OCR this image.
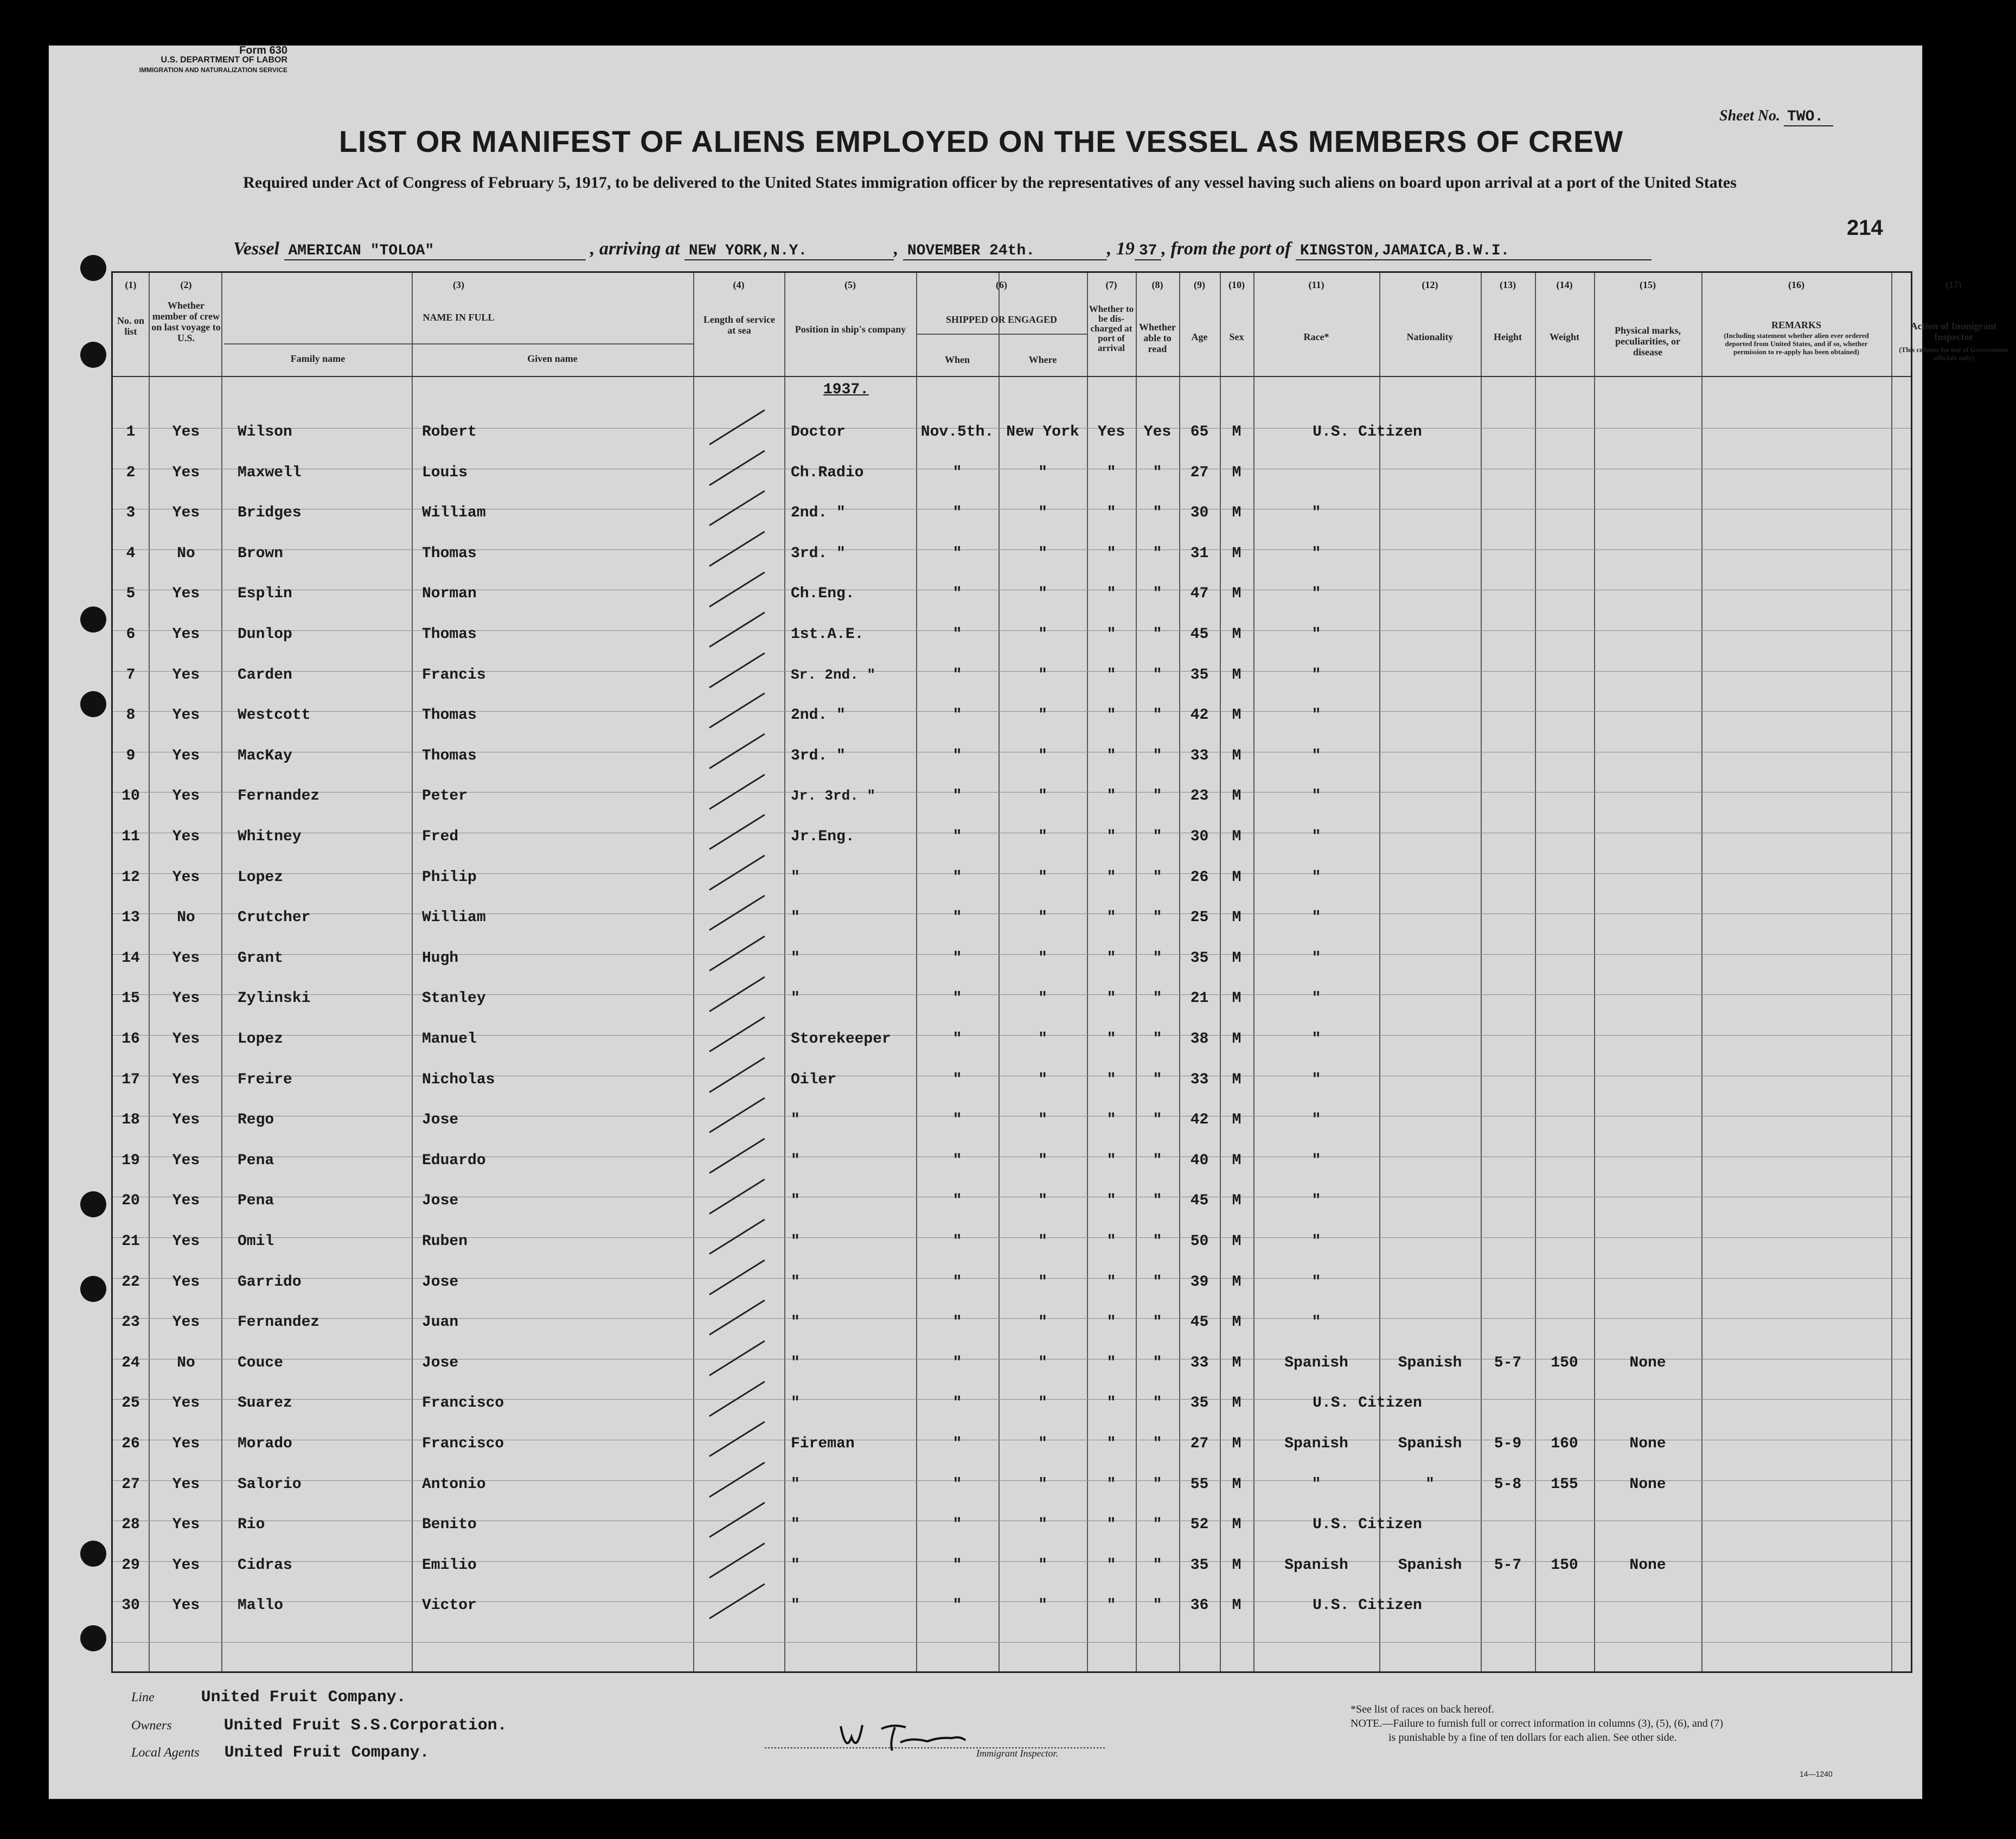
Form 630
U.S. DEPARTMENT OF LABOR
IMMIGRATION AND NATURALIZATION SERVICE
Sheet No. TWO.
LIST OR MANIFEST OF ALIENS EMPLOYED ON THE VESSEL AS MEMBERS OF CREW
Required under Act of Congress of February 5, 1917, to be delivered to the United States immigration officer by the representatives of any vessel having such aliens on board upon arrival at a port of the United States
214
Vessel AMERICAN "TOLOA"	, arriving at NEW YORK,N.Y.	, NOVEMBER 24th.	, 19 37 , from the port of KINGSTON,JAMAICA,B.W.I.
(1)
No. on list
(2)
Whether member of crew on last voyage to U.S.
(3)
NAME IN FULL
Family name	Given name
(4)
Length of service at sea
(5)
Position in ship's company
(6)
SHIPPED OR ENGAGED
When	Where
(7)
Whether to be dis-charged at port of arrival
(8)
Whether able to read
(9)
Age
(10)
Sex
(11)
Race*
(12)
Nationality
(13)
Height
(14)
Weight
(15)
Physical marks, peculiarities, or disease
(16)
REMARKS
(Including statement whether alien ever ordered deported from United States, and if so, whether permission to re-apply has been obtained)
(17)
Action of Immigrant Inspector
(This column for use of Government officials only)
1937.
1	Yes	Wilson	Robert	Doctor	Nov.5th. New York	Yes	Yes	65	M	U.S. Citizen
2	Yes	Maxwell	Louis	Ch.Radio	"	"	"	"	27	M
3	Yes	Bridges	William	2nd. "	"	"	"	"	30	M	"
4	No	Brown	Thomas	3rd. "	"	"	"	"	31	M	"
5	Yes	Esplin	Norman	Ch.Eng.	"	"	"	"	47	M	"
6	Yes	Dunlop	Thomas	1st.A.E.	"	"	"	"	45	M	"
7	Yes	Carden	Francis	Sr. 2nd. "	"	"	"	"	35	M	"
8	Yes	Westcott	Thomas	2nd. "	"	"	"	"	42	M	"
9	Yes	MacKay	Thomas	3rd. "	"	"	"	"	33	M	"
10	Yes	Fernandez	Peter	Jr. 3rd. "	"	"	"	"	23	M	"
11	Yes	Whitney	Fred	Jr.Eng.	"	"	"	"	30	M	"
12	Yes	Lopez	Philip	"	"	"	"	"	26	M	"
13	No	Crutcher	William	"	"	"	"	"	25	M	"
14	Yes	Grant	Hugh	"	"	"	"	"	35	M	"
15	Yes	Zylinski	Stanley	"	"	"	"	"	21	M	"
16	Yes	Lopez	Manuel	Storekeeper	"	"	"	"	38	M	"
17	Yes	Freire	Nicholas	Oiler	"	"	"	"	33	M	"
18	Yes	Rego	Jose	"	"	"	"	"	42	M	"
19	Yes	Pena	Eduardo	"	"	"	"	"	40	M	"
20	Yes	Pena	Jose	"	"	"	"	"	45	M	"
21	Yes	Omil	Ruben	"	"	"	"	"	50	M	"
22	Yes	Garrido	Jose	"	"	"	"	"	39	M	"
23	Yes	Fernandez	Juan	"	"	"	"	"	45	M	"
24	No	Couce	Jose	"	"	"	"	"	33	M	Spanish	Spanish	5-7	150	None
25	Yes	Suarez	Francisco	"	"	"	"	"	35	M	U.S. Citizen
26	Yes	Morado	Francisco	Fireman	"	"	"	"	27	M	Spanish	Spanish	5-9	160	None
27	Yes	Salorio	Antonio	"	"	"	"	"	55	M	"	"	5-8	155	None
28	Yes	Rio	Benito	"	"	"	"	"	52	M	U.S. Citizen
29	Yes	Cidras	Emilio	"	"	"	"	"	35	M	Spanish	Spanish	5-7	150	None
30	Yes	Mallo	Victor	"	"	"	"	"	36	M	U.S. Citizen
Line	United Fruit Company.
Owners	United Fruit S.S.Corporation.
Local Agents United Fruit Company.	Immigrant Inspector.
*See list of races on back hereof.
NOTE.—Failure to furnish full or correct information in columns (3), (5), (6), and (7)
is punishable by a fine of ten dollars for each alien. See other side.
14—1240
